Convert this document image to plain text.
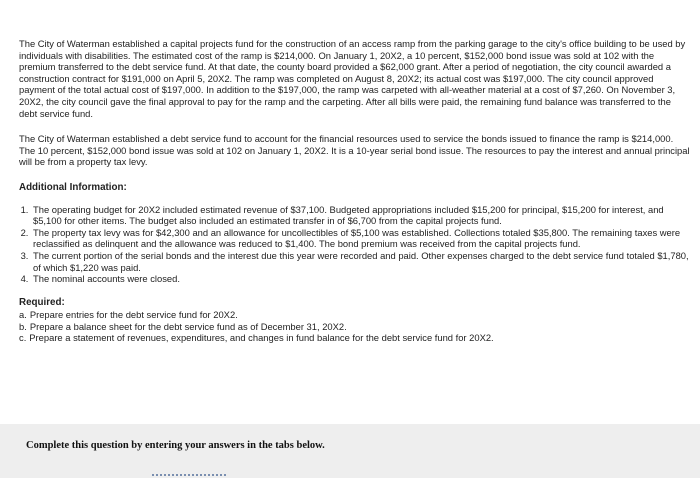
The City of Waterman established a capital projects fund for the construction of an access ramp from the parking garage to the city's office building to be used by individuals with disabilities. The estimated cost of the ramp is $214,000. On January 1, 20X2, a 10 percent, $152,000 bond issue was sold at 102 with the premium transferred to the debt service fund. At that date, the county board provided a $62,000 grant. After a period of negotiation, the city council awarded a construction contract for $191,000 on April 5, 20X2. The ramp was completed on August 8, 20X2; its actual cost was $197,000. The city council approved payment of the total actual cost of $197,000. In addition to the $197,000, the ramp was carpeted with all-weather material at a cost of $7,260. On November 3, 20X2, the city council gave the final approval to pay for the ramp and the carpeting. After all bills were paid, the remaining fund balance was transferred to the debt service fund.

The City of Waterman established a debt service fund to account for the financial resources used to service the bonds issued to finance the ramp is $214,000. The 10 percent, $152,000 bond issue was sold at 102 on January 1, 20X2. It is a 10-year serial bond issue. The resources to pay the interest and annual principal will be from a property tax levy.

Additional Information:

1. The operating budget for 20X2 included estimated revenue of $37,100. Budgeted appropriations included $15,200 for principal, $15,200 for interest, and $5,100 for other items. The budget also included an estimated transfer in of $6,700 from the capital projects fund.
2. The property tax levy was for $42,300 and an allowance for uncollectibles of $5,100 was established. Collections totaled $35,800. The remaining taxes were reclassified as delinquent and the allowance was reduced to $1,400. The bond premium was received from the capital projects fund.
3. The current portion of the serial bonds and the interest due this year were recorded and paid. Other expenses charged to the debt service fund totaled $1,780, of which $1,220 was paid.
4. The nominal accounts were closed.

Required:

a. Prepare entries for the debt service fund for 20X2.
b. Prepare a balance sheet for the debt service fund as of December 31, 20X2.
c. Prepare a statement of revenues, expenditures, and changes in fund balance for the debt service fund for 20X2.
Complete this question by entering your answers in the tabs below.
